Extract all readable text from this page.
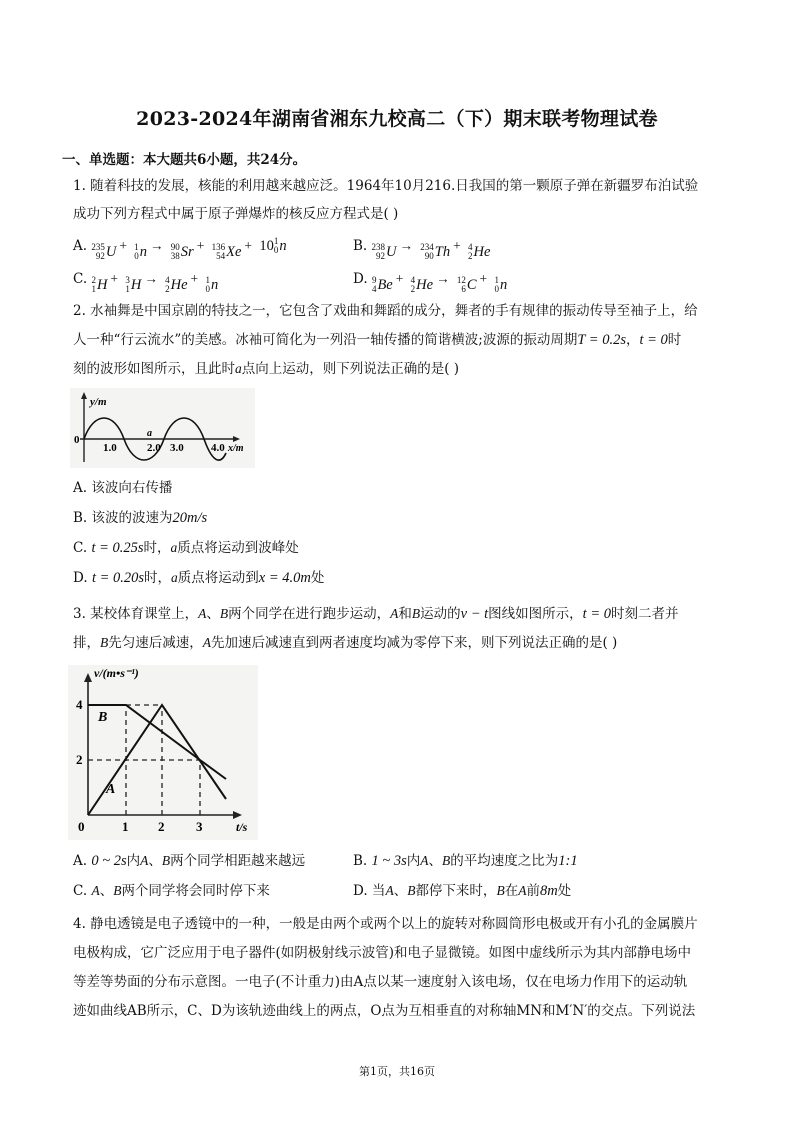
2023-2024年湖南省湘东九校高二（下）期末联考物理试卷
一、单选题：本大题共6小题，共24分。
1. 随着科技的发展，核能的利用越来越应泛。1964年10月216.日我国的第一颗原子弹在新疆罗布泊试验
成功下列方程式中属于原子弹爆炸的核反应方程式是( )
A. 235
92 U + 1
0 n → 90
38 Sr + 136
54 Xe + 10 1
0 n	B. 238
92 U → 234
90 Th + 4
2 He
C. 2
1 H + 3
1 H → 4
2 He + 1
0 n	D. 9
4 Be + 4
2 He → 12
6 C + 1
0 n
2. 水袖舞是中国京剧的特技之一，它包含了戏曲和舞蹈的成分，舞者的手有规律的振动传导至袖子上，给
人一种“行云流水”的美感。冰袖可简化为一列沿一轴传播的简谐横波;波源的振动周期T = 0.2s，t = 0时
刻的波形如图所示，且此时a点向上运动，则下列说法正确的是( )
y/m
0
1.0
a
2.0 3.0 4.0 x/m
A. 该波向右传播
B. 该波的波速为20m/s
C. t = 0.25s时，a质点将运动到波峰处
D. t = 0.20s时，a质点将运动到x = 4.0m处
3. 某校体育课堂上，A、B两个同学在进行跑步运动，A和B运动的v − t图线如图所示，t = 0时刻二者并
排，B先匀速后减速，A先加速后减速直到两者速度均减为零停下来，则下列说法正确的是( )
v/(m•s⁻¹)
4
2
0	1 2 3	t/s
B
A
A. 0 ~ 2s内A、B两个同学相距越来越远	B. 1 ~ 3s内A、B的平均速度之比为1:1
C. A、B两个同学将会同时停下来	D. 当A、B都停下来时，B在A前8m处
4. 静电透镜是电子透镜中的一种，一般是由两个或两个以上的旋转对称圆筒形电极或开有小孔的金属膜片
电极构成，它广泛应用于电子器件(如阴极射线示波管)和电子显微镜。如图中虚线所示为其内部静电场中
等差等势面的分布示意图。一电子(不计重力)由A点以某一速度射入该电场，仅在电场力作用下的运动轨
迹如曲线AB所示，C、D为该轨迹曲线上的两点，O点为互相垂直的对称轴MN和M′N′的交点。下列说法
第1页，共16页
